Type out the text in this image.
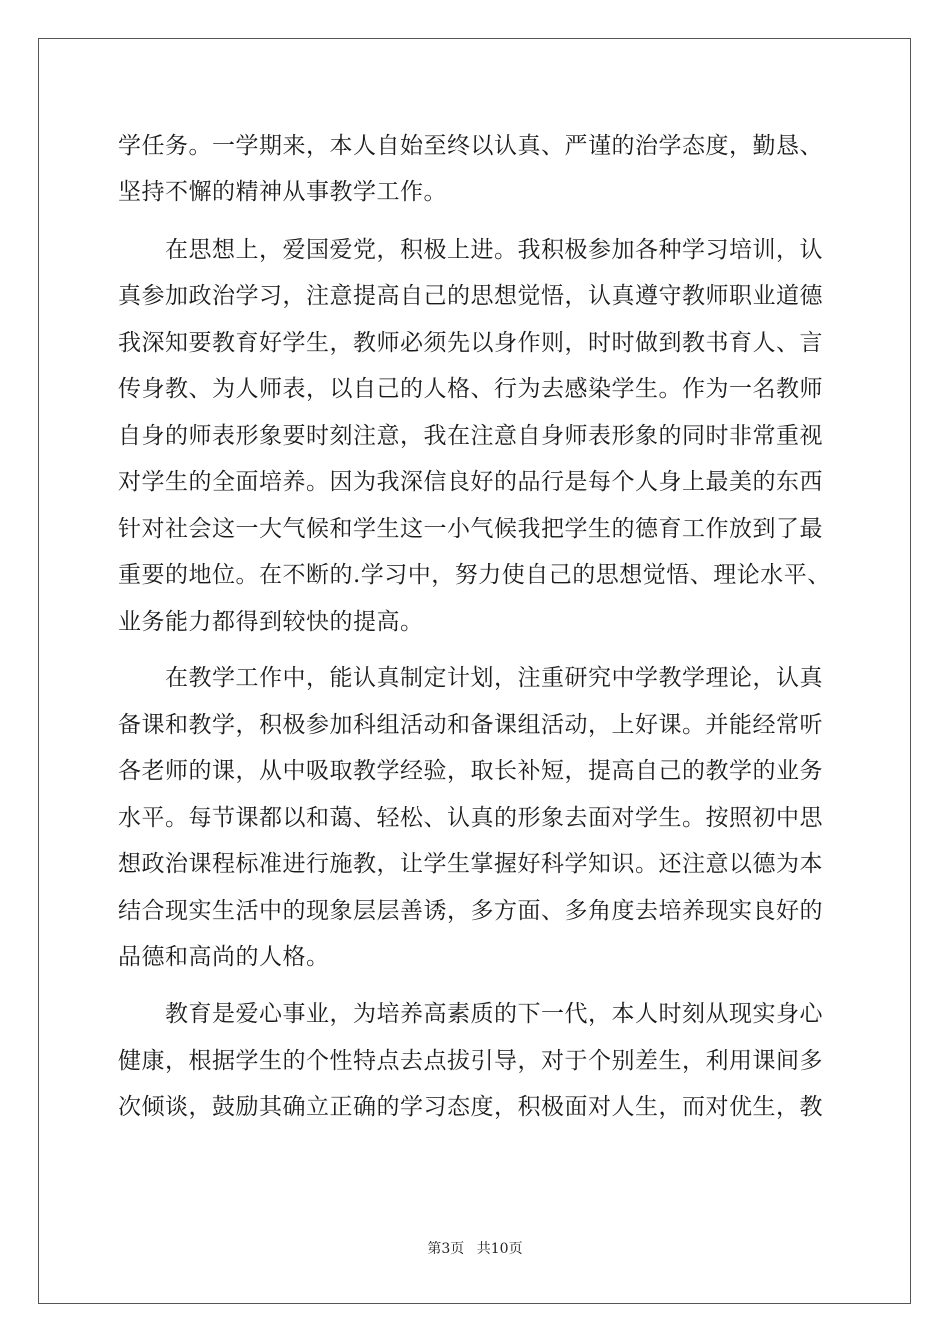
学任务。一学期来，本人自始至终以认真、严谨的治学态度，勤恳、
坚持不懈的精神从事教学工作。
　　在思想上，爱国爱党，积极上进。我积极参加各种学习培训，认
真参加政治学习，注意提高自己的思想觉悟，认真遵守教师职业道德
我深知要教育好学生，教师必须先以身作则，时时做到教书育人、言
传身教、为人师表，以自己的人格、行为去感染学生。作为一名教师
自身的师表形象要时刻注意，我在注意自身师表形象的同时非常重视
对学生的全面培养。因为我深信良好的品行是每个人身上最美的东西
针对社会这一大气候和学生这一小气候我把学生的德育工作放到了最
重要的地位。在不断的.学习中，努力使自己的思想觉悟、理论水平、
业务能力都得到较快的提高。
　　在教学工作中，能认真制定计划，注重研究中学教学理论，认真
备课和教学，积极参加科组活动和备课组活动，上好课。并能经常听
各老师的课，从中吸取教学经验，取长补短，提高自己的教学的业务
水平。每节课都以和蔼、轻松、认真的形象去面对学生。按照初中思
想政治课程标准进行施教，让学生掌握好科学知识。还注意以德为本
结合现实生活中的现象层层善诱，多方面、多角度去培养现实良好的
品德和高尚的人格。
　　教育是爱心事业，为培养高素质的下一代，本人时刻从现实身心
健康，根据学生的个性特点去点拔引导，对于个别差生，利用课间多
次倾谈，鼓励其确立正确的学习态度，积极面对人生，而对优生，教
第3页 共10页
